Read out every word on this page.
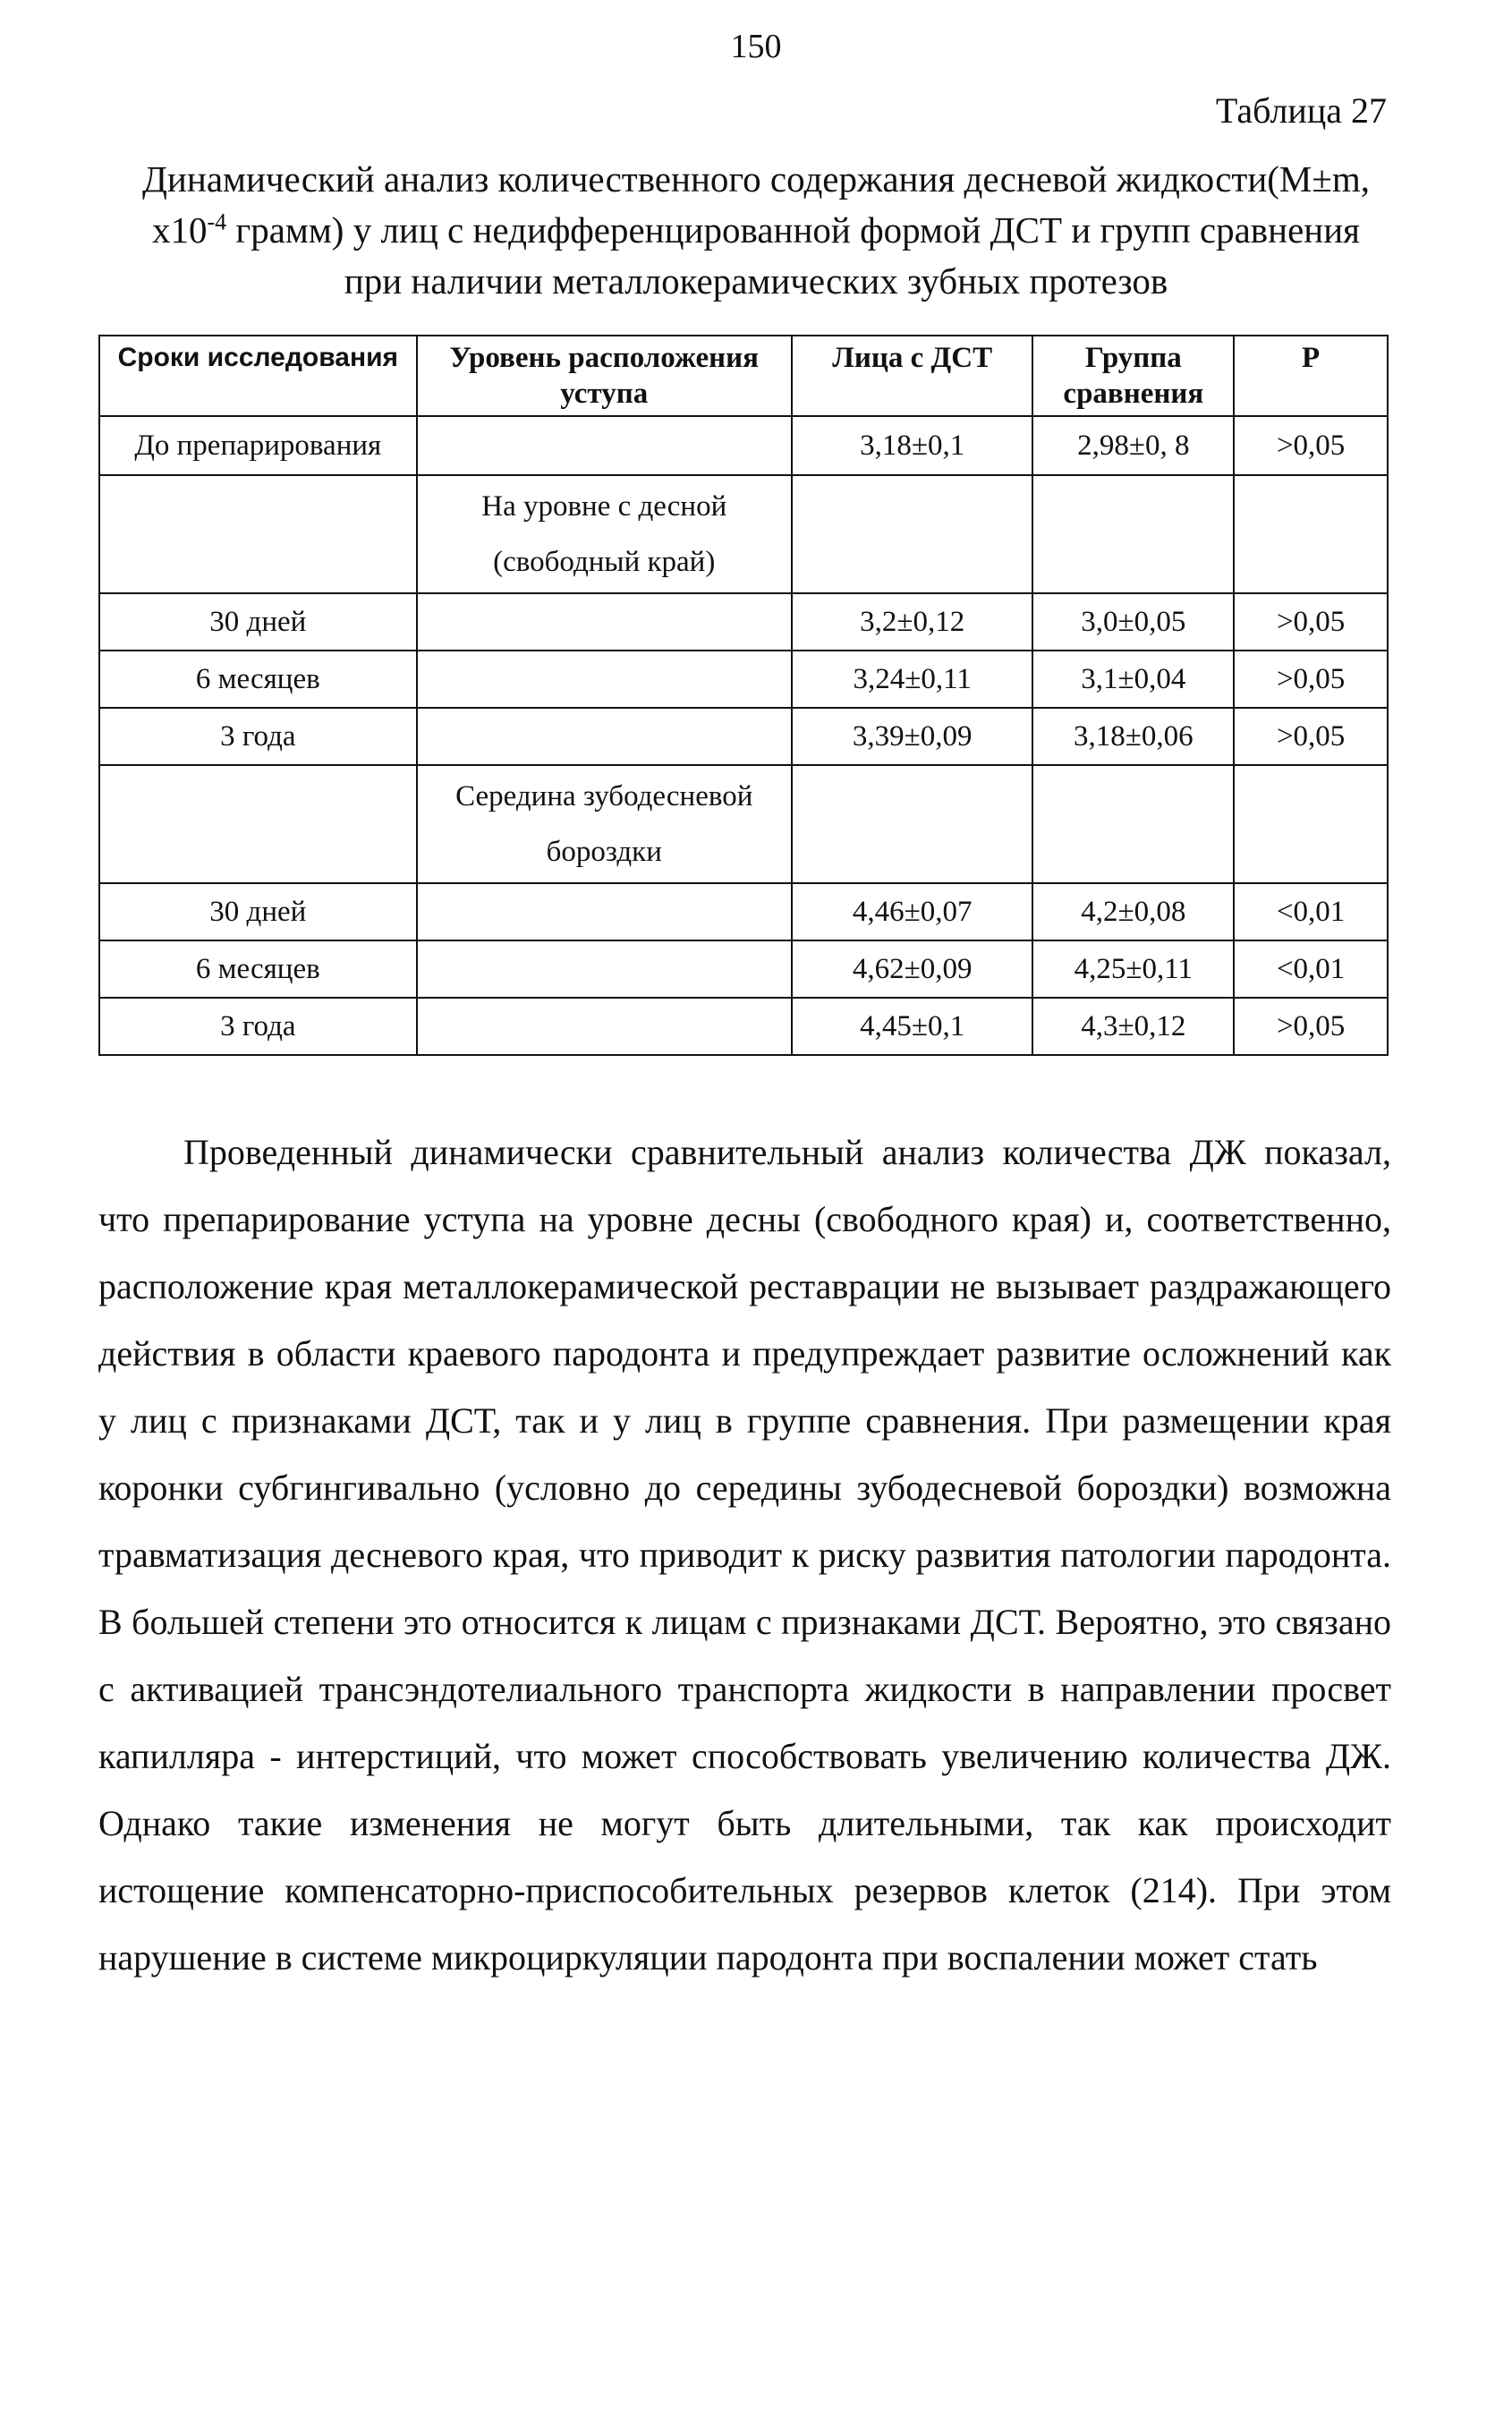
150
Таблица 27
Динамический анализ количественного содержания десневой жидкости(M±m, $x10^{-4}$ грамм) у лиц с недифференцированной формой ДСТ и групп сравнения при наличии металлокерамических зубных протезов
Сроки исследования	Уровень расположения уступа	Лица с ДСТ	Группа сравнения	Р
До препарирования		3,18±0,1	2,98±0, 8	>0,05
	На уровне с десной (свободный край)			
30 дней		3,2±0,12	3,0±0,05	>0,05
6 месяцев		3,24±0,11	3,1±0,04	>0,05
3 года		3,39±0,09	3,18±0,06	>0,05
	Середина зубодесневой бороздки			
30 дней		4,46±0,07	4,2±0,08	<0,01
6 месяцев		4,62±0,09	4,25±0,11	<0,01
3 года		4,45±0,1	4,3±0,12	>0,05
Проведенный динамически сравнительный анализ количества ДЖ показал, что препарирование уступа на уровне десны (свободного края) и, соответственно, расположение края металлокерамической реставрации не вызывает раздражающего действия в области краевого пародонта и предупреждает развитие осложнений как у лиц с признаками ДСТ, так и у лиц в группе сравнения. При размещении края коронки субгингивально (условно до середины зубодесневой бороздки) возможна травматизация десневого края, что приводит к риску развития патологии пародонта. В большей степени это относится к лицам с признаками ДСТ. Вероятно, это связано с активацией трансэндотелиального транспорта жидкости в направлении просвет капилляра - интерстиций, что может способствовать увеличению количества ДЖ. Однако такие изменения не могут быть длительными, так как происходит истощение компенсаторно-приспособительных резервов клеток (214). При этом нарушение в системе микроциркуляции пародонта при воспалении может стать
